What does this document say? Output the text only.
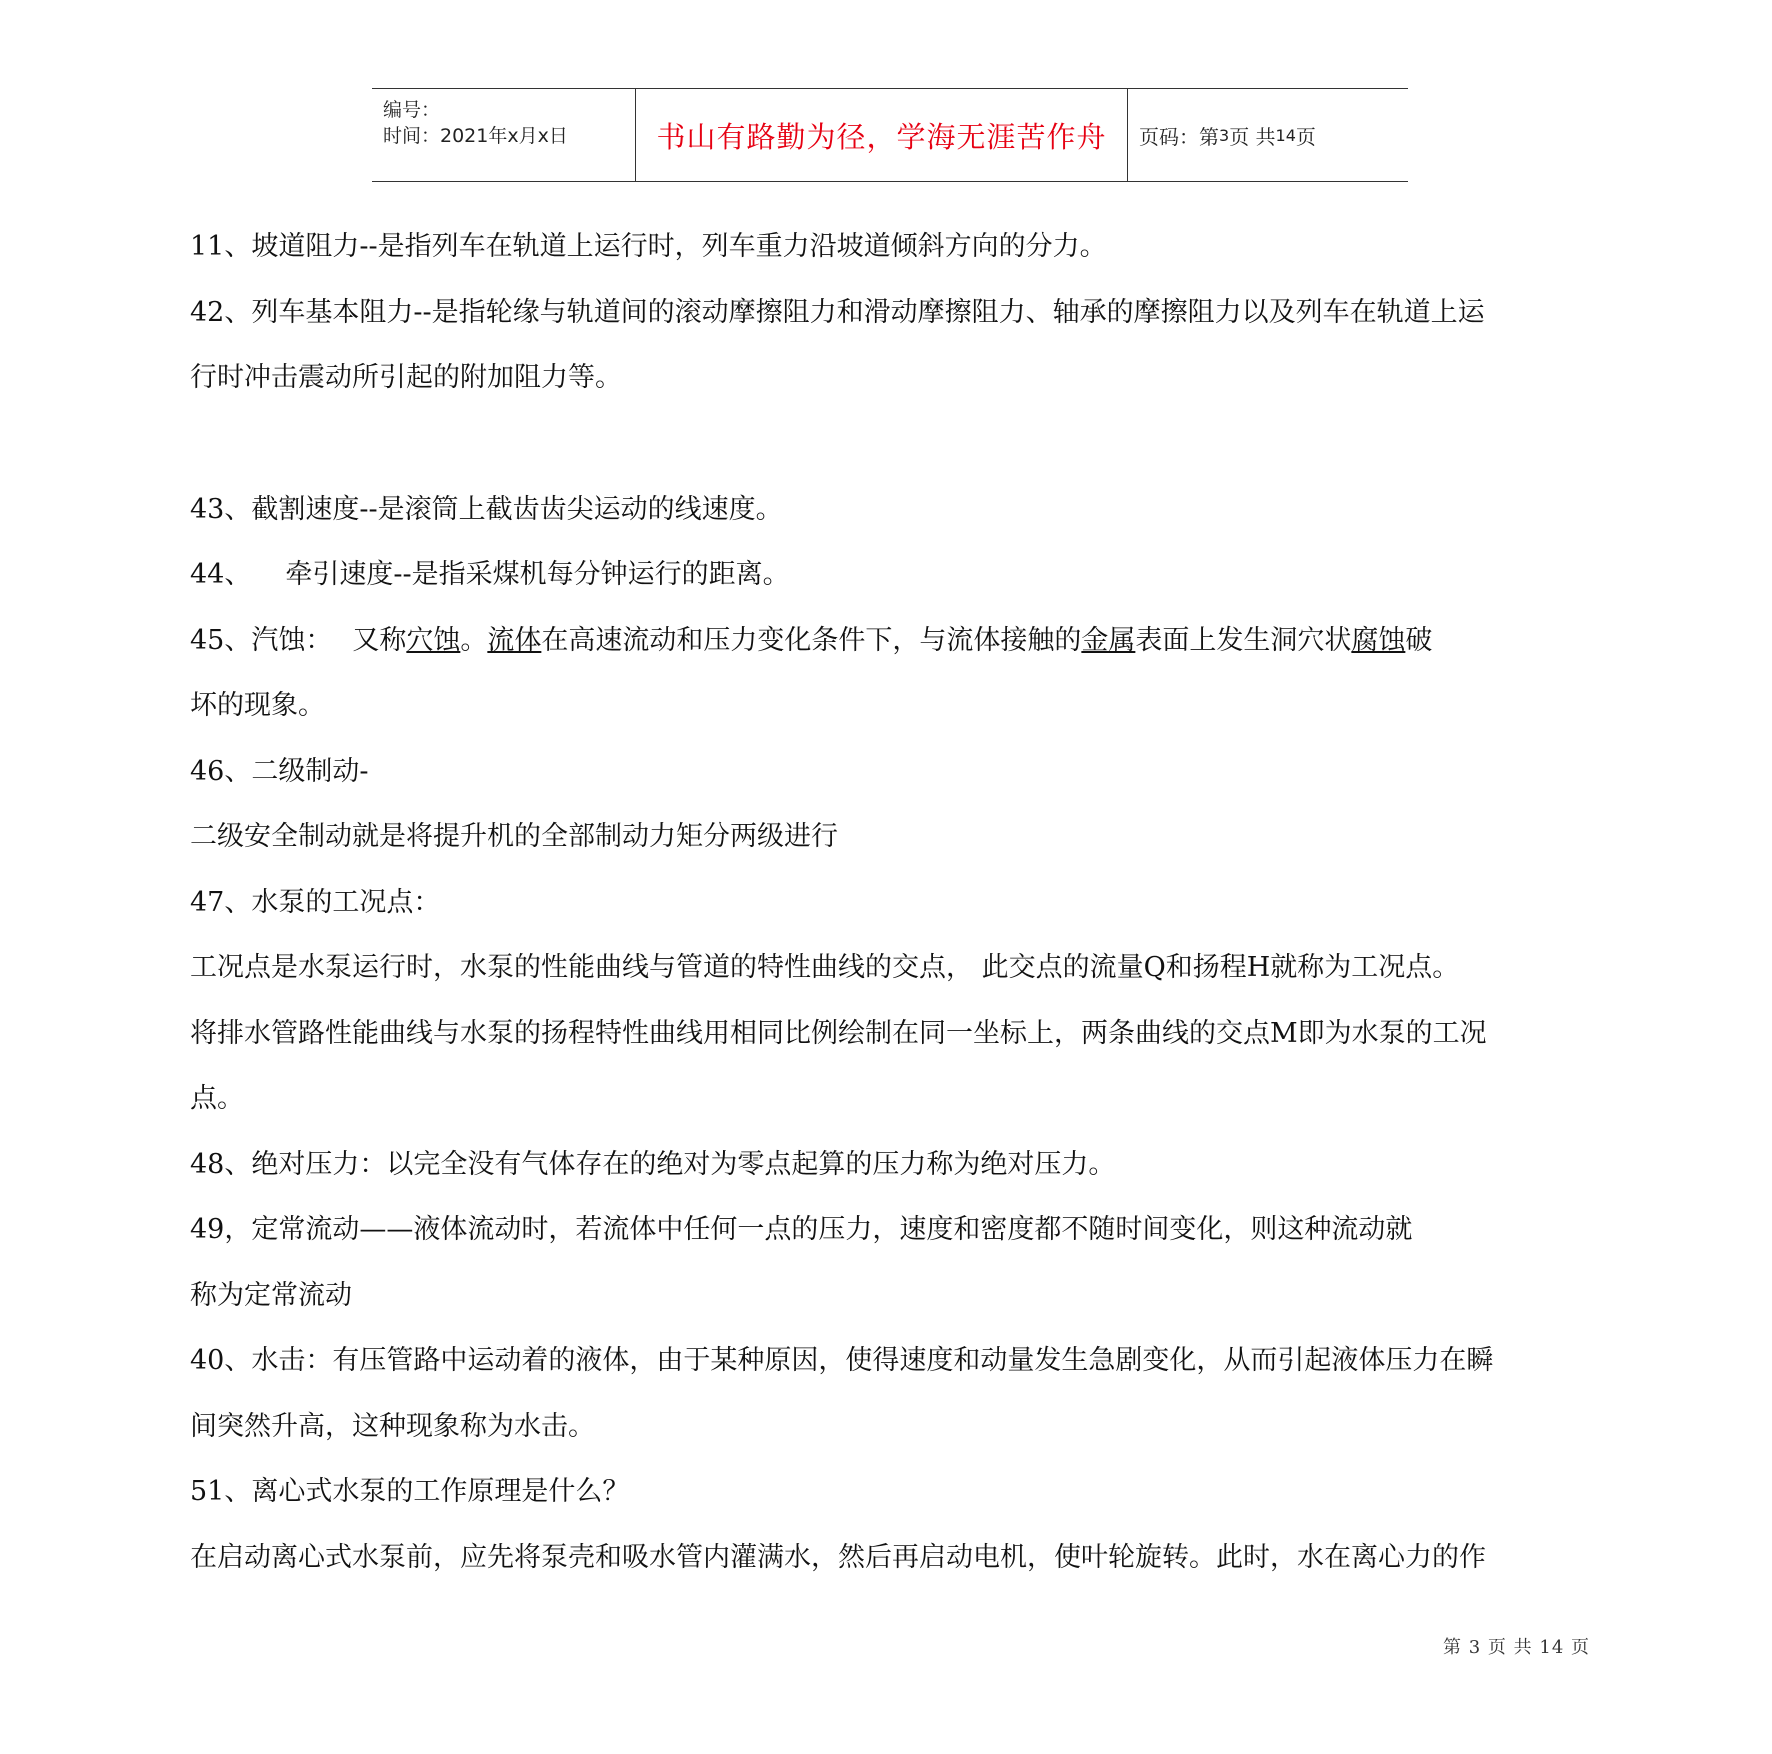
编号：
时间：2021年x月x日	书山有路勤为径，学海无涯苦作舟 页码：第 3 页 共 14 页
11、坡道阻力--是指列车在轨道上运行时，列车重力沿坡道倾斜方向的分力。
42、列车基本阻力--是指轮缘与轨道间的滚动摩擦阻力和滑动摩擦阻力、轴承的摩擦阻力以及列车在轨道上运
行时冲击震动所引起的附加阻力等。
43、截割速度--是滚筒上截齿齿尖运动的线速度。
44、 牵引速度--是指采煤机每分钟运行的距离。
45、汽蚀： 又称穴蚀。流体在高速流动和压力变化条件下，与流体接触的金属表面上发生洞穴状腐蚀破
坏的现象。
46、二级制动-
二级安全制动就是将提升机的全部制动力矩分两级进行
47、水泵的工况点：
工况点是水泵运行时，水泵的性能曲线与管道的特性曲线的交点， 此交点的流量Q和扬程H就称为工况点。
将排水管路性能曲线与水泵的扬程特性曲线用相同比例绘制在同一坐标上，两条曲线的交点M即为水泵的工况
点。
48、绝对压力：以完全没有气体存在的绝对为零点起算的压力称为绝对压力。
49，定常流动——液体流动时，若流体中任何一点的压力，速度和密度都不随时间变化，则这种流动就
称为定常流动
40、水击：有压管路中运动着的液体，由于某种原因，使得速度和动量发生急剧变化，从而引起液体压力在瞬
间突然升高，这种现象称为水击。
51、离心式水泵的工作原理是什么？
在启动离心式水泵前，应先将泵壳和吸水管内灌满水，然后再启动电机，使叶轮旋转。此时，水在离心力的作
第 3 页 共 14 页
